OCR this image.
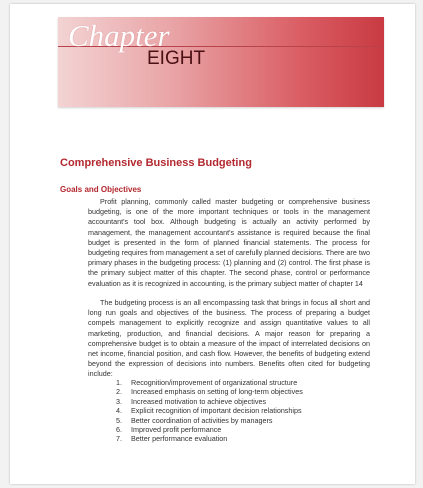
Chapter
EIGHT
Comprehensive Business Budgeting
Goals and Objectives

Profit planning, commonly called master budgeting or comprehensive business budgeting, is one of the more important techniques or tools in the management accountant's tool box. Although budgeting is actually an activity performed by management, the management accountant's assistance is required because the final budget is presented in the form of planned financial statements. The process for budgeting requires from management a set of carefully planned decisions. There are two primary phases in the budgeting process: (1) planning and (2) control. The first phase is the primary subject matter of this chapter. The second phase, control or performance evaluation as it is recognized in accounting, is the primary subject matter of chapter 14

The budgeting process is an all encompassing task that brings in focus all short and long run goals and objectives of the business. The process of preparing a budget compels management to explicitly recognize and assign quantitative values to all marketing, production, and financial decisions. A major reason for preparing a comprehensive budget is to obtain a measure of the impact of interrelated decisions on net income, financial position, and cash flow. However, the benefits of budgeting extend beyond the expression of decisions into numbers. Benefits often cited for budgeting include:

1. Recognition/improvement of organizational structure
2. Increased emphasis on setting of long-term objectives
3. Increased motivation to achieve objectives
4. Explicit recognition of important decision relationships
5. Better coordination of activities by managers
6. Improved profit performance
7. Better performance evaluation
